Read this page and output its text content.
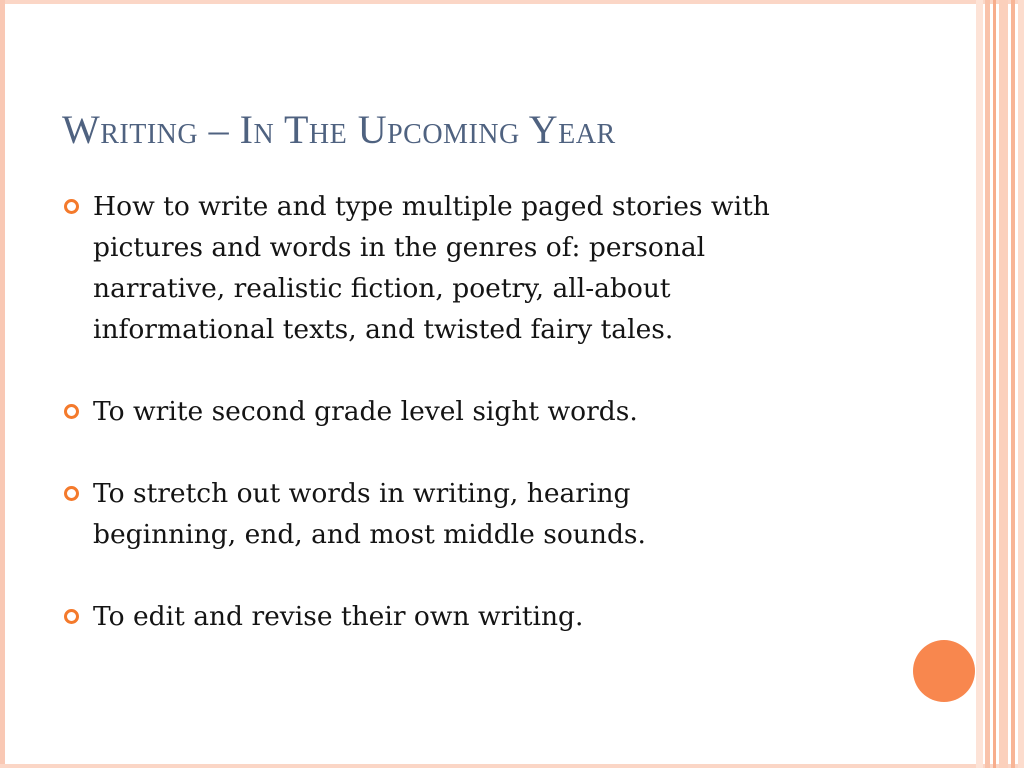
Writing – In The Upcoming Year
How to write and type multiple paged stories with pictures and words in the genres of: personal narrative, realistic fiction, poetry, all-about informational texts, and twisted fairy tales.
To write second grade level sight words.
To stretch out words in writing, hearing beginning, end, and most middle sounds.
To edit and revise their own writing.
